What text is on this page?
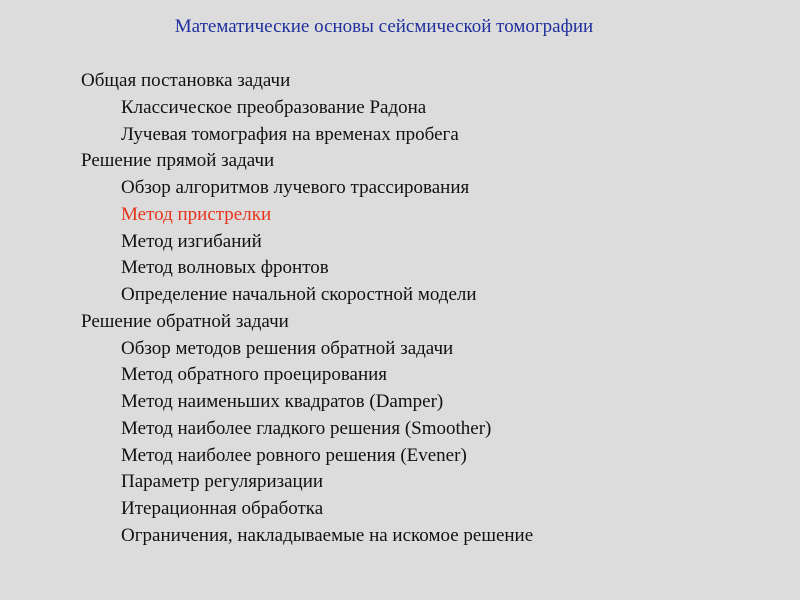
Математические основы сейсмической томографии
Общая постановка задачи
Классическое преобразование Радона
Лучевая томография на временах пробега
Решение прямой задачи
Обзор алгоритмов лучевого трассирования
Метод пристрелки
Метод изгибаний
Метод волновых фронтов
Определение начальной скоростной модели
Решение обратной задачи
Обзор методов решения обратной задачи
Метод обратного проецирования
Метод наименьших квадратов (Damper)
Метод наиболее гладкого решения (Smoother)
Метод наиболее ровного решения (Evener)
Параметр регуляризации
Итерационная обработка
Ограничения, накладываемые на искомое решение
